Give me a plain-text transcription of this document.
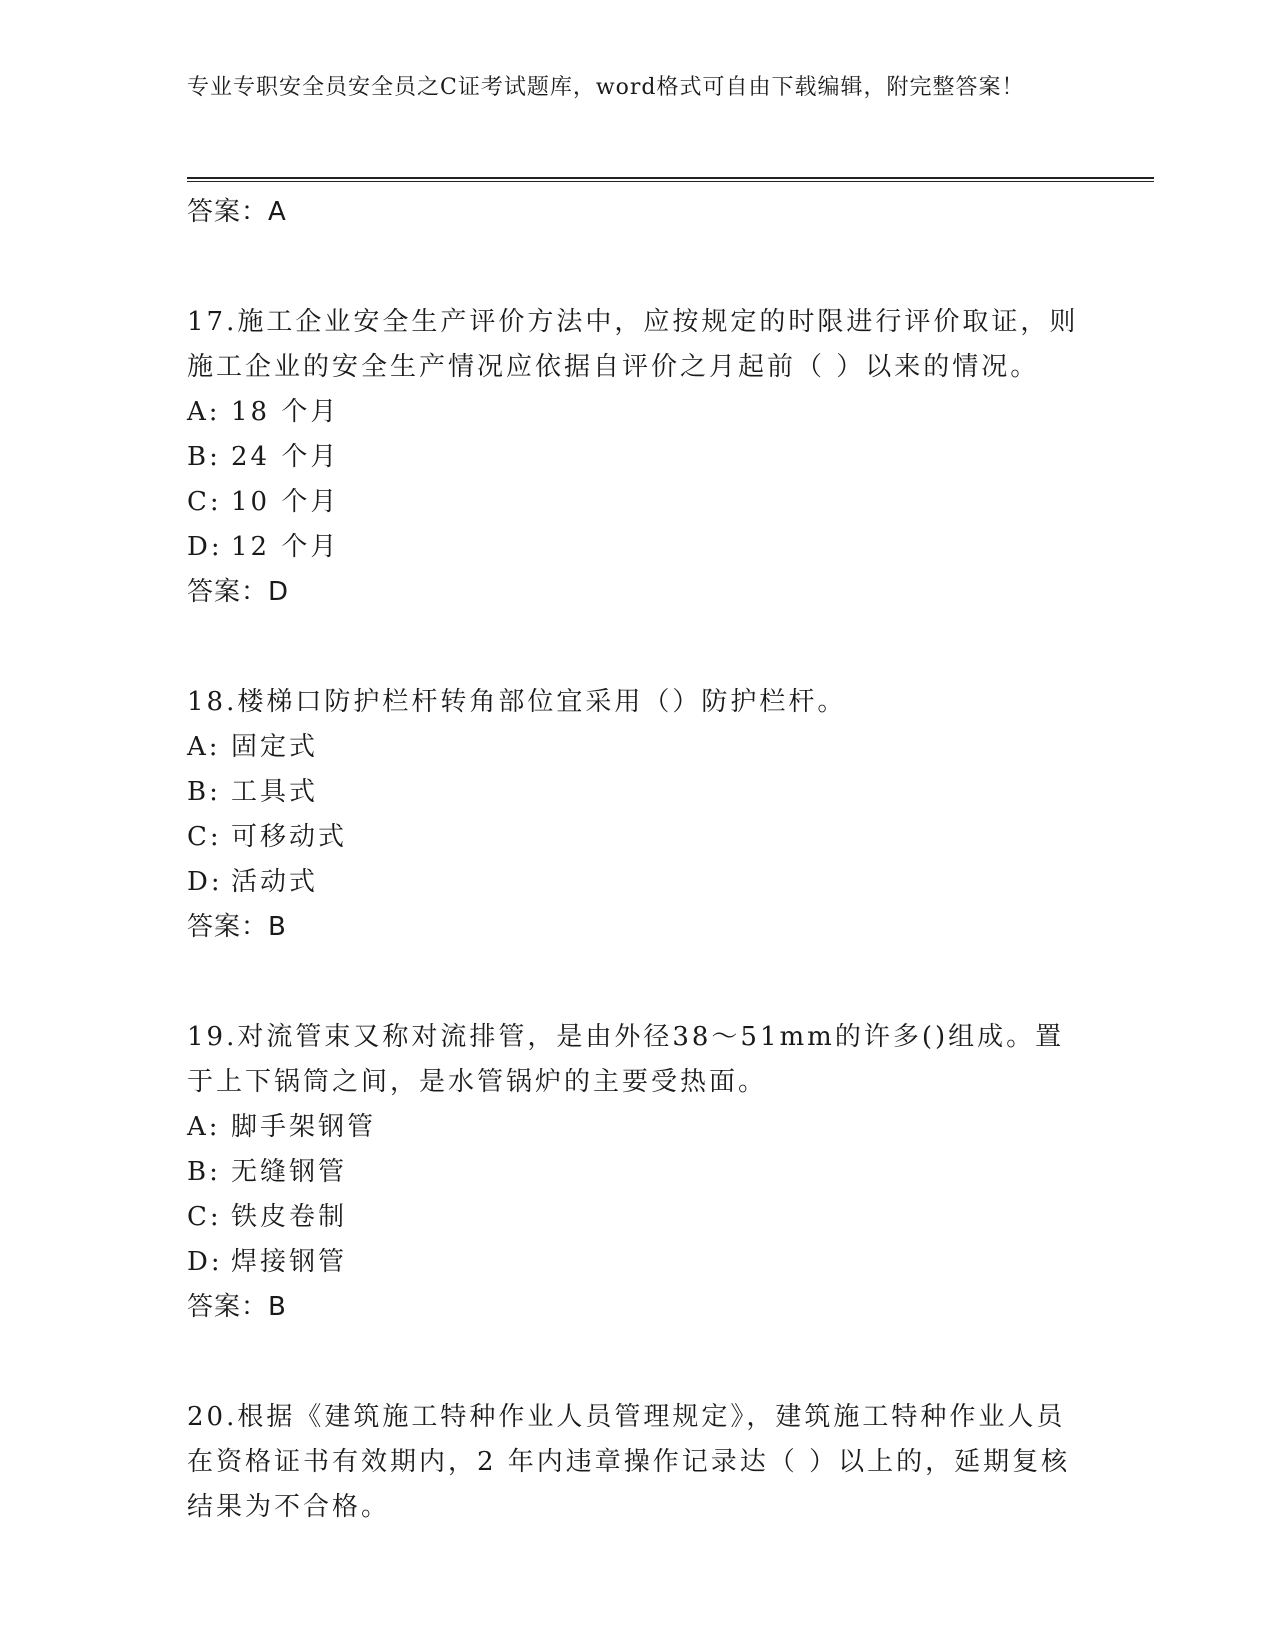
专业专职安全员安全员之C证考试题库，word格式可自由下载编辑，附完整答案！
答案：A
17.施工企业安全生产评价方法中，应按规定的时限进行评价取证，则施工企业的安全生产情况应依据自评价之月起前（ ）以来的情况。
A: 18 个月
B: 24 个月
C: 10 个月
D: 12 个月
答案：D
18.楼梯口防护栏杆转角部位宜采用（）防护栏杆。
A: 固定式
B: 工具式
C: 可移动式
D: 活动式
答案：B
19.对流管束又称对流排管，是由外径38～51mm的许多()组成。置于上下锅筒之间，是水管锅炉的主要受热面。
A: 脚手架钢管
B: 无缝钢管
C: 铁皮卷制
D: 焊接钢管
答案：B
20.根据《建筑施工特种作业人员管理规定》，建筑施工特种作业人员在资格证书有效期内，2 年内违章操作记录达（ ）以上的，延期复核结果为不合格。
